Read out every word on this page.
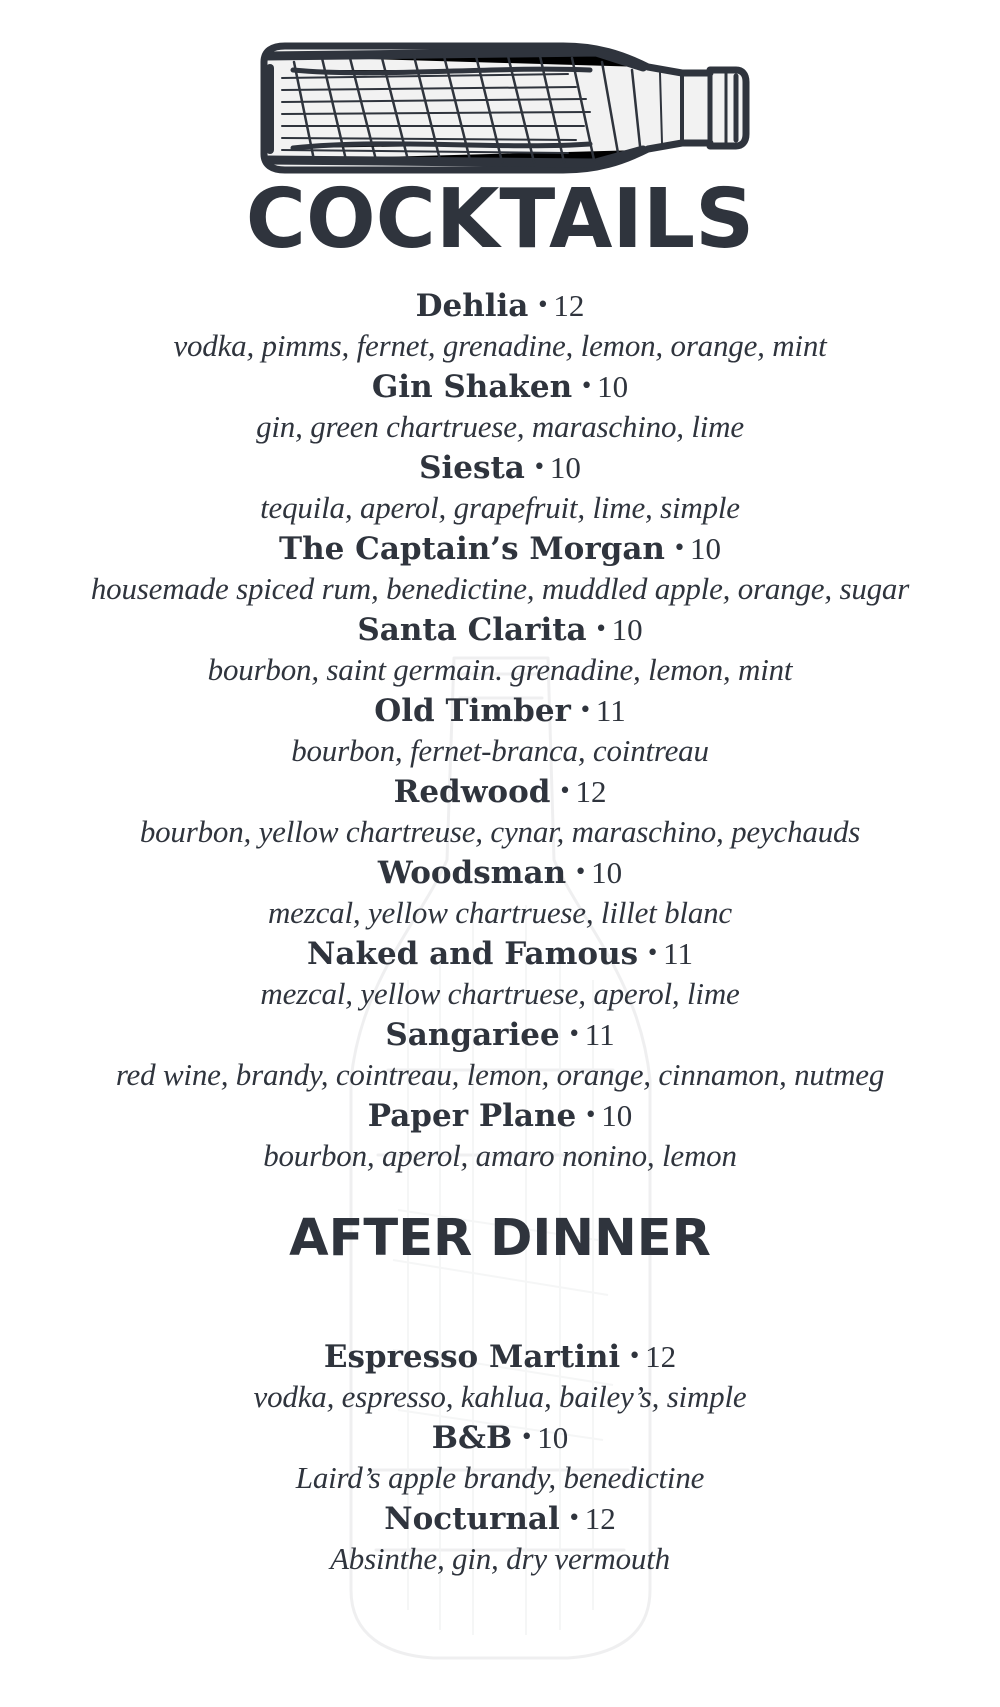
COCKTAILS
Dehlia • 12
vodka, pimms, fernet, grenadine, lemon, orange, mint
Gin Shaken • 10
gin, green chartruese, maraschino, lime
Siesta • 10
tequila, aperol, grapefruit, lime, simple
The Captain’s Morgan • 10
housemade spiced rum, benedictine, muddled apple, orange, sugar
Santa Clarita • 10
bourbon, saint germain. grenadine, lemon, mint
Old Timber • 11
bourbon, fernet-branca, cointreau
Redwood • 12
bourbon, yellow chartreuse, cynar, maraschino, peychauds
Woodsman • 10
mezcal, yellow chartruese, lillet blanc
Naked and Famous • 11
mezcal, yellow chartruese, aperol, lime
Sangariee • 11
red wine, brandy, cointreau, lemon, orange, cinnamon, nutmeg
Paper Plane • 10
bourbon, aperol, amaro nonino, lemon
AFTER DINNER
Espresso Martini • 12
vodka, espresso, kahlua, bailey’s, simple
B&B • 10
Laird’s apple brandy, benedictine
Nocturnal • 12
Absinthe, gin, dry vermouth
